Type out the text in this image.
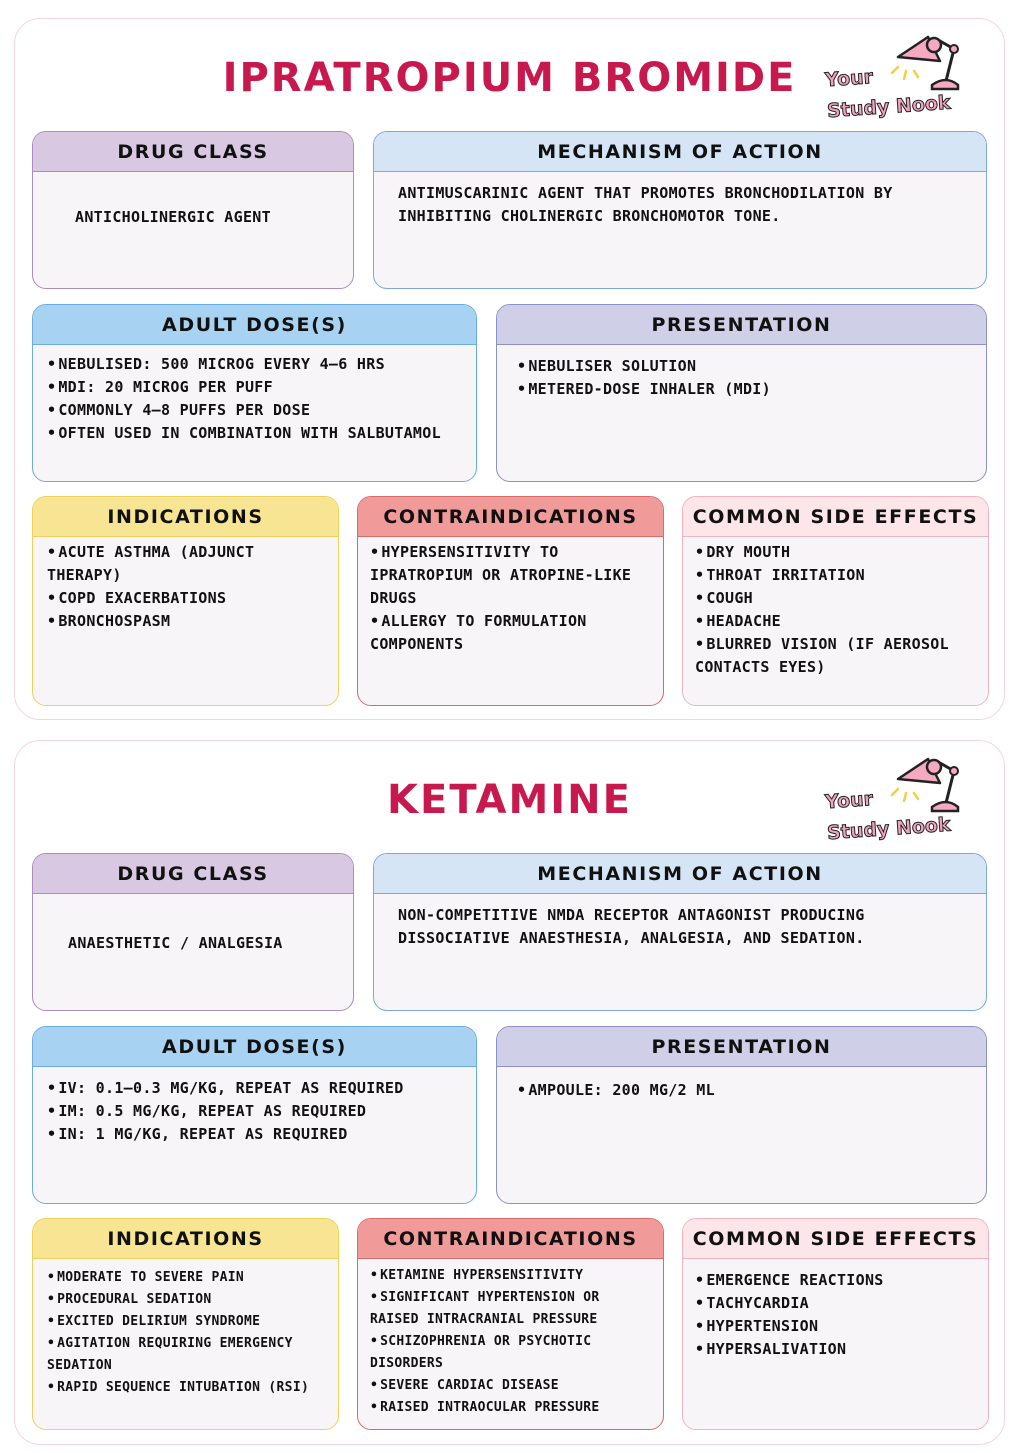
IPRATROPIUM BROMIDE	Your
Study Nook
DRUG CLASS
ANTICHOLINERGIC AGENT
MECHANISM OF ACTION
ANTIMUSCARINIC AGENT THAT PROMOTES BRONCHODILATION BY INHIBITING CHOLINERGIC BRONCHOMOTOR TONE.
ADULT DOSE(S)
• NEBULISED: 500 MICROG EVERY 4–6 HRS
• MDI: 20 MICROG PER PUFF
• COMMONLY 4–8 PUFFS PER DOSE
• OFTEN USED IN COMBINATION WITH SALBUTAMOL
PRESENTATION
• NEBULISER SOLUTION
• METERED-DOSE INHALER (MDI)
INDICATIONS
• ACUTE ASTHMA (ADJUNCT THERAPY)
• COPD EXACERBATIONS
• BRONCHOSPASM
CONTRAINDICATIONS
• HYPERSENSITIVITY TO IPRATROPIUM OR ATROPINE-LIKE DRUGS
• ALLERGY TO FORMULATION COMPONENTS
COMMON SIDE EFFECTS
• DRY MOUTH
• THROAT IRRITATION
• COUGH
• HEADACHE
• BLURRED VISION (IF AEROSOL CONTACTS EYES)
KETAMINE	Your
Study Nook
DRUG CLASS
ANAESTHETIC / ANALGESIA
MECHANISM OF ACTION
NON-COMPETITIVE NMDA RECEPTOR ANTAGONIST PRODUCING DISSOCIATIVE ANAESTHESIA, ANALGESIA, AND SEDATION.
ADULT DOSE(S)
• IV: 0.1–0.3 MG/KG, REPEAT AS REQUIRED
• IM: 0.5 MG/KG, REPEAT AS REQUIRED
• IN: 1 MG/KG, REPEAT AS REQUIRED
PRESENTATION
• AMPOULE: 200 MG/2 ML
INDICATIONS
• MODERATE TO SEVERE PAIN
• PROCEDURAL SEDATION
• EXCITED DELIRIUM SYNDROME
• AGITATION REQUIRING EMERGENCY SEDATION
• RAPID SEQUENCE INTUBATION (RSI)
CONTRAINDICATIONS
• KETAMINE HYPERSENSITIVITY
• SIGNIFICANT HYPERTENSION OR RAISED INTRACRANIAL PRESSURE
• SCHIZOPHRENIA OR PSYCHOTIC DISORDERS
• SEVERE CARDIAC DISEASE
• RAISED INTRAOCULAR PRESSURE
COMMON SIDE EFFECTS
• EMERGENCE REACTIONS
• TACHYCARDIA
• HYPERTENSION
• HYPERSALIVATION
